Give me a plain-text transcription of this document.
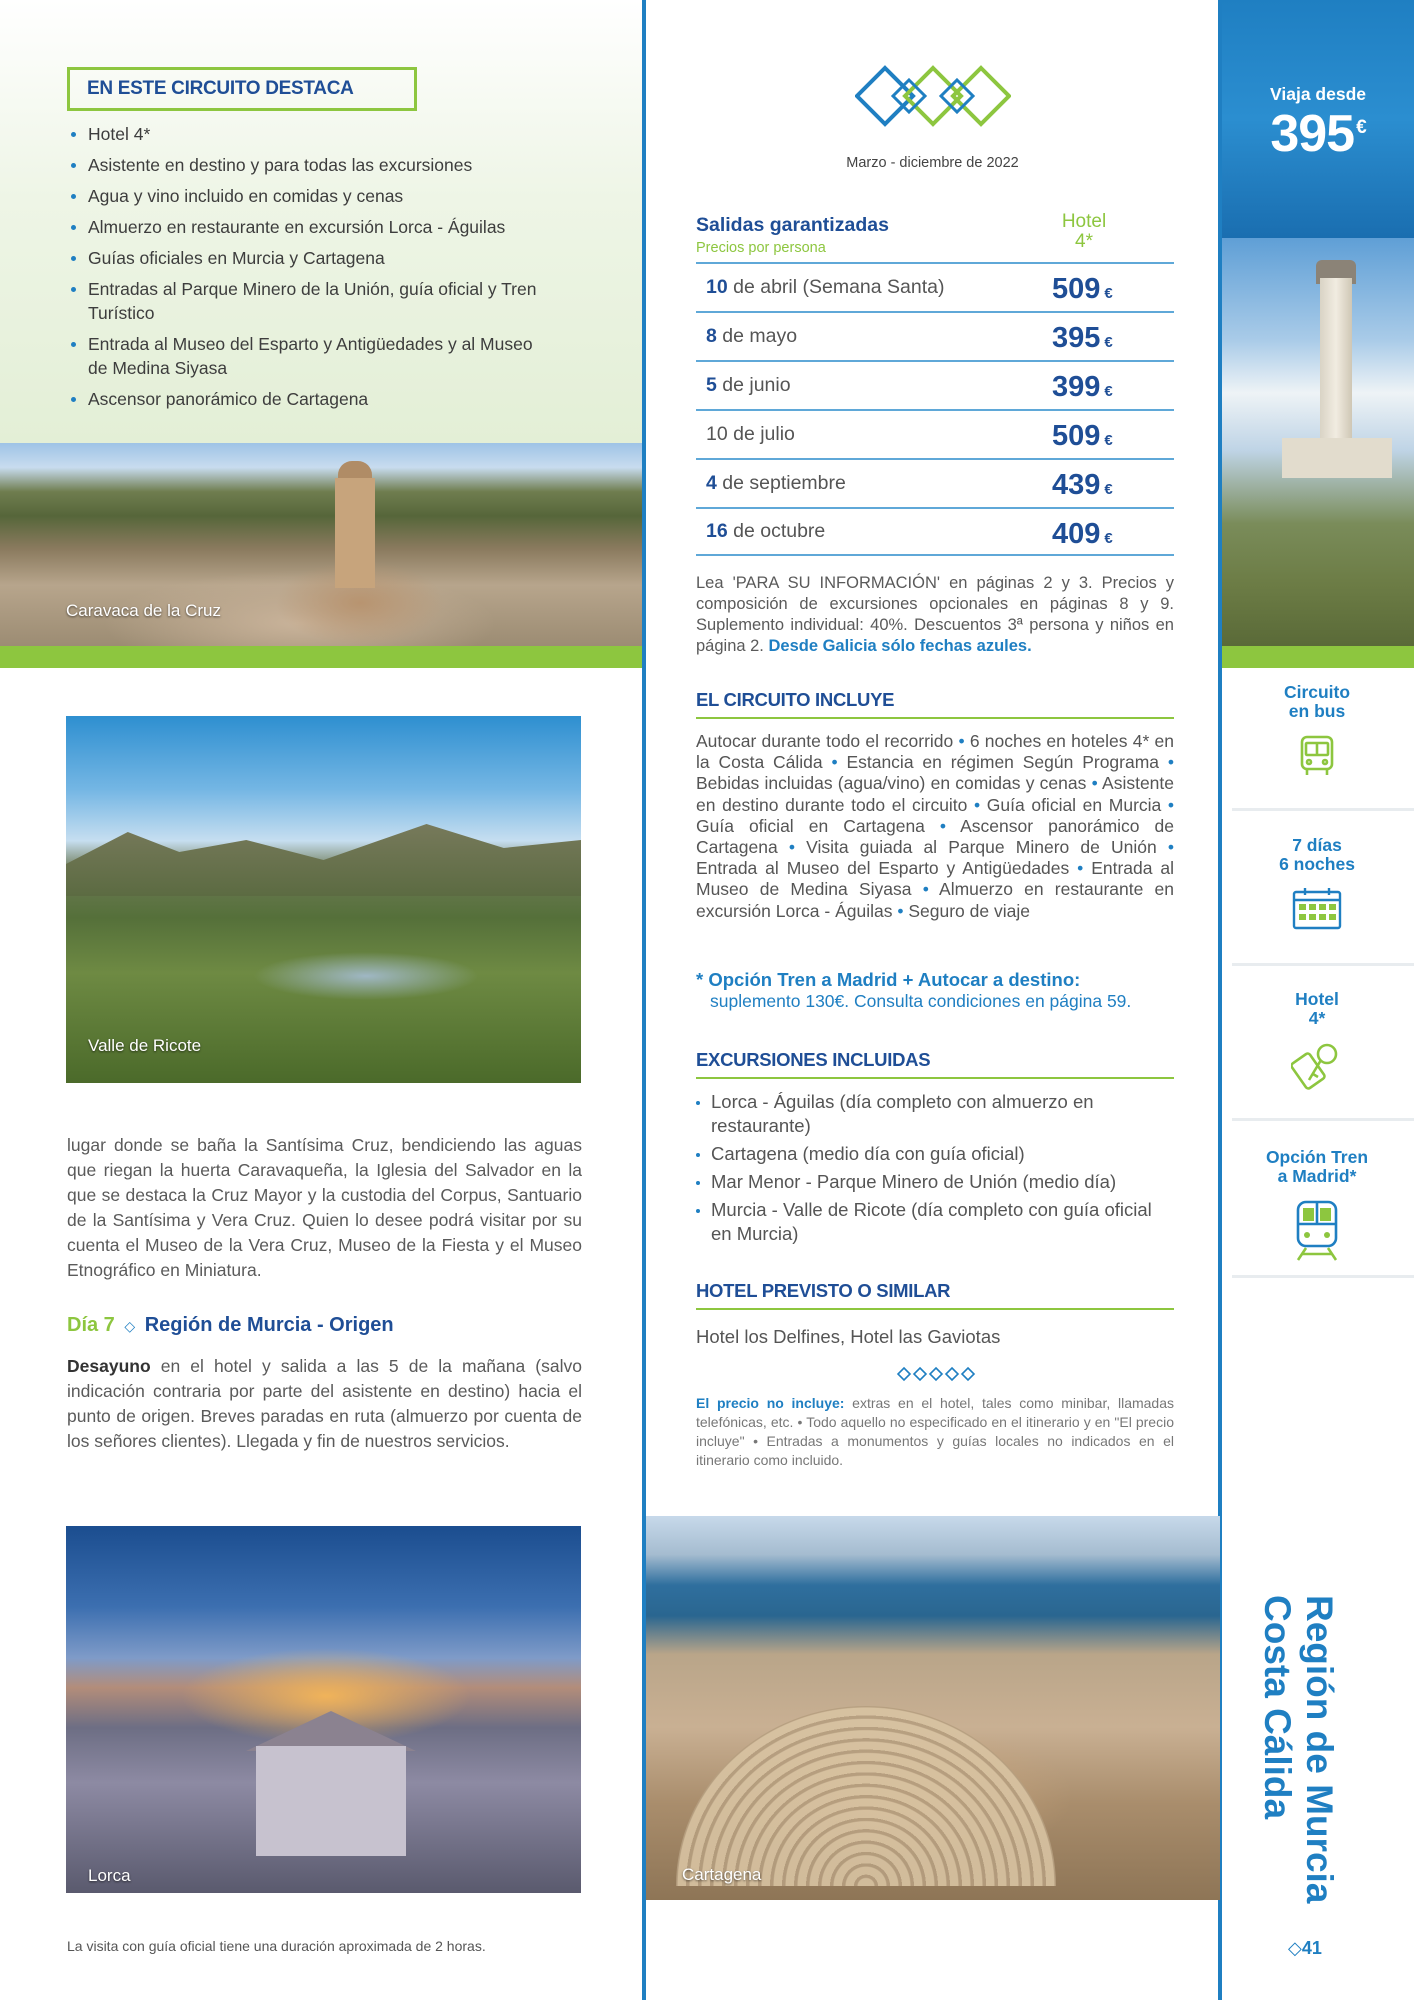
EN ESTE CIRCUITO DESTACA
Hotel 4*
Asistente en destino y para todas las excursiones
Agua y vino incluido en comidas y cenas
Almuerzo en restaurante en excursión Lorca - Águilas
Guías oficiales en Murcia y Cartagena
Entradas al Parque Minero de la Unión, guía oficial y Tren Turístico
Entrada al Museo del Esparto y Antigüedades y al Museo de Medina Siyasa
Ascensor panorámico de Cartagena
Caravaca de la Cruz
Valle de Ricote

lugar donde se baña la Santísima Cruz, bendiciendo las aguas que riegan la huerta Caravaqueña, la Iglesia del Salvador en la que se destaca la Cruz Mayor y la custodia del Corpus, Santuario de la Santísima y Vera Cruz. Quien lo desee podrá visitar por su cuenta el Museo de la Vera Cruz, Museo de la Fiesta y el Museo Etnográfico en Miniatura.

Día 7 ◇ Región de Murcia - Origen

Desayuno en el hotel y salida a las 5 de la mañana (salvo indicación contraria por parte del asistente en destino) hacia el punto de origen. Breves paradas en ruta (almuerzo por cuenta de los señores clientes). Llegada y fin de nuestros servicios.

Lorca
La visita con guía oficial tiene una duración aproximada de 2 horas.
Marzo - diciembre de 2022
Salidas garantizadas
Precios por persona
Hotel
4*
10 de abril (Semana Santa)	509 €
8 de mayo	395 €
5 de junio	399 €
10 de julio	509 €
4 de septiembre	439 €
16 de octubre	409 €

Lea 'PARA SU INFORMACIÓN' en páginas 2 y 3. Precios y composición de excursiones opcionales en páginas 8 y 9. Suplemento individual: 40%. Descuentos 3ª persona y niños en página 2. Desde Galicia sólo fechas azules.

EL CIRCUITO INCLUYE

Autocar durante todo el recorrido • 6 noches en hoteles 4* en la Costa Cálida • Estancia en régimen Según Programa • Bebidas incluidas (agua/vino) en comidas y cenas • Asistente en destino durante todo el circuito • Guía oficial en Murcia • Guía oficial en Cartagena • Ascensor panorámico de Cartagena • Visita guiada al Parque Minero de Unión • Entrada al Museo del Esparto y Antigüedades • Entrada al Museo de Medina Siyasa • Almuerzo en restaurante en excursión Lorca - Águilas • Seguro de viaje

* Opción Tren a Madrid + Autocar a destino:
suplemento 130€. Consulta condiciones en página 59.
EXCURSIONES INCLUIDAS
Lorca - Águilas (día completo con almuerzo en restaurante)
Cartagena (medio día con guía oficial)
Mar Menor - Parque Minero de Unión (medio día)
Murcia - Valle de Ricote (día completo con guía oficial en Murcia)
HOTEL PREVISTO O SIMILAR
Hotel los Delfines, Hotel las Gaviotas

El precio no incluye: extras en el hotel, tales como minibar, llamadas telefónicas, etc. • Todo aquello no especificado en el itinerario y en "El precio incluye" • Entradas a monumentos y guías locales no indicados en el itinerario como incluido.

Cartagena
Viaja desde
395 €
Circuito
en bus
7 días
6 noches
Hotel
4*
Opción Tren
a Madrid*
Región de Murcia
Costa Cálida
◇41
